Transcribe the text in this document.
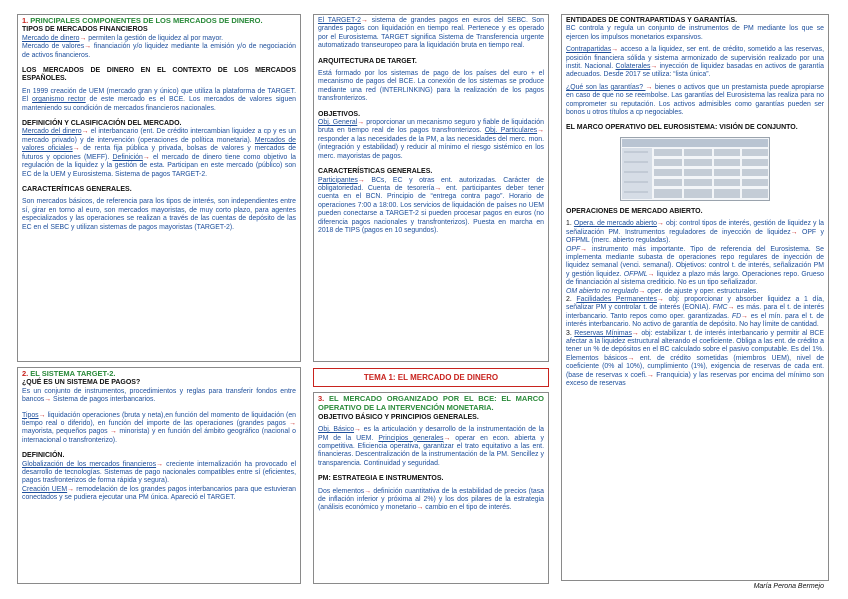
1. PRINCIPALES COMPONENTES DE LOS MERCADOS DE DINERO.

TIPOS DE MERCADOS FINANCIEROS

Mercado de dinero→ permiten la gestión de liquidez al por mayor.

Mercado de valores→ financiación y/o liquidez mediante la emisión y/o de negociación de activos financieros.

LOS MERCADOS DE DINERO EN EL CONTEXTO DE LOS MERCADOS ESPAÑOLES.

En 1999 creación de UEM (mercado gran y único) que utiliza la plataforma de TARGET. El organismo rector de este mercado es el BCE. Los mercados de valores siguen manteniendo su condición de mercados financieros nacionales.

DEFINICIÓN Y CLASIFICACIÓN DEL MERCADO.

Mercado del dinero→ el interbancario (ent. De crédito intercambian liquidez a cp y es un mercado privado) y de intervención (operaciones de política monetaria). Mercados de valores oficiales→ de renta fija pública y privada, bolsas de valores y mercados de futuros y opciones (MEFF). Definición→ el mercado de dinero tiene como objetivo la regulación de la liquidez y la gestión de esta. Participan en este mercado (público) son EC de la UEM y Eurosistema. Sistema de pagos TARGET-2.

CARACTERÍTICAS GENERALES.

Son mercados básicos, de referencia para los tipos de interés, son independientes entre sí, girar en torno al euro, son mercados mayoristas, de muy corto plazo, para agentes especializados y las operaciones se realizan a través de las cuentas de depósito de las EC en el SEBC y utilizan sistemas de pagos mayoristas (TARGET-2).

2. EL SISTEMA TARGET-2.

¿QUÉ ES UN SISTEMA DE PAGOS?

Es un conjunto de instrumentos, procedimientos y reglas para transferir fondos entre bancos→ Sistema de pagos interbancarios.

Tipos→ liquidación operaciones (bruta y neta),en función del momento de liquidación (en tiempo real o diferido), en función del importe de las operaciones (grandes pagos → mayorista, pequeños pagos → minorista) y en función del ámbito geográfico (nacional o internacional o transfronterizo).

DEFINICIÓN.

Globalización de los mercados financieros→ creciente internalización ha provocado el desarrollo de tecnologías. Sistemas de pago nacionales compatibles entre sí (eficientes, pagos trasfronterizos de forma rápida y segura).

Creación UEM→ remodelación de los grandes pagos interbancarios para que estuvieran conectados y se pudiera ejecutar una PM única. Apareció el TARGET.

El TARGET-2→ sistema de grandes pagos en euros del SEBC. Son grandes pagos con liquidación en tiempo real. Pertenece y es operado por el Eurosistema. TARGET significa Sistema de Transferencia urgente automatizado transeuropeo para la liquidación bruta en tiempo real.

ARQUITECTURA DE TARGET.

Está formado por los sistemas de pago de los países del euro + el mecanismo de pagos del BCE. La conexión de los sistemas se produce mediante una red (INTERLINKING) para la realización de los pagos transfronterizos.

OBJETIVOS.

Obj. General→ proporcionar un mecanismo seguro y fiable de liquidación bruta en tiempo real de los pagos transfronterizos. Obj. Particulares→ responder a las necesidades de la PM, a las necesidades del merc. mon. (integración y estabilidad) y reducir al mínimo el riesgo sistémico en los merc. mayoristas de pagos.

CARACTERÍSTICAS GENERALES.

Participantes→ BCs, EC y otras ent. autorizadas. Carácter de obligatoriedad. Cuenta de tesorería→ ent. participantes deber tener cuenta en el BCN. Principio de “entrega contra pago”. Horario de operaciones 7:00 a 18:00. Los servicios de liquidación de países no UEM pueden conectarse a TARGET-2 si pueden procesar pagos en euros (no diferencia pagos nacionales y transfronterizos). Puesta en marcha en 2018 de TIPS (pagos en 10 segundos).

TEMA 1: EL MERCADO DE DINERO

3. EL MERCADO ORGANIZADO POR EL BCE: EL MARCO OPERATIVO DE LA INTERVENCIÓN MONETARIA.

OBJETIVO BÁSICO Y PRINCIPIOS GENERALES.

Obj. Básico→ es la articulación y desarrollo de la instrumentación de la PM de la UEM. Principios generales→ operar en econ. abierta y competitiva. Eficiencia operativa, garantizar el trato equitativo a las ent. financieras. Descentralización de la instrumentación de la PM. Sencillez y transparencia. Continuidad y seguridad.

PM: ESTRATEGIA E INSTRUMENTOS.

Dos elementos→ definición cuantitativa de la estabilidad de precios (tasa de inflación inferior y próxima al 2%) y los dos pilares de la estrategia (análisis económico y monetario→ cambio en el tipo de interés.

ENTIDADES DE CONTRAPARTIDAS Y GARANTÍAS.

BC controla y regula un conjunto de instrumentos de PM mediante los que se ejercen los impulsos monetarios expansivos.

Contrapartidas→ acceso a la liquidez, ser ent. de crédito, sometido a las reservas, posición financiera sólida y sistema armonizado de supervisión realizado por una instit. Nacional. Colaterales→ inyección de liquidez basadas en activos de garantía adecuados. Desde 2017 se utiliza: “lista única”.

¿Qué son las garantías? → bienes o activos que un prestamista puede apropiarse en caso de que no se reembolse. Las garantías del Eurosistema las realiza para no comprometer su reputación. Los activos admisibles como garantías pueden ser bonos u otros títulos a cp negociables.

EL MARCO OPERATIVO DEL EUROSISTEMA: VISIÓN DE CONJUNTO.

OPERACIONES DE MERCADO ABIERTO.

1. Opera. de mercado abierto→ obj: control tipos de interés, gestión de liquidez y la señalización PM. Instrumentos reguladores de inyección de liquidez→ OPF y OFPML (merc. abierto reguladas).

OPF→ instrumento más importante. Tipo de referencia del Eurosistema. Se implementa mediante subasta de operaciones repo regulares de inyección de liquidez semanal (venci. semanal). Objetivos: control t. de interés, señalización PM y gestión liquidez. OFPML→ liquidez a plazo más largo. Operaciones repo. Grueso de financiación al sistema crediticio. No es un tipo señalizador.

OM abierto no regulado→ oper. de ajuste y oper. estructurales.

2. Facilidades Permanentes→ obj: proporcionar y absorber liquidez a 1 día, señalizar PM y controlar t. de interés (EONIA). FMC→ es más. para el t. de interés interbancario. Tanto repos como oper. garantizadas. FD→ es el mín. para el t. de interés interbancario. No activo de garantía de depósito. No hay límite de cantidad.

3. Reservas Mínimas→ obj: estabilizar t. de interés interbancario y permitir al BCE afectar a la liquidez estructural alterando el coeficiente. Obliga a las ent. de crédito a tener un % de depósitos en el BC calculado sobre el pasivo computable. Es del 1%. Elementos básicos→ ent. de crédito sometidas (miembros UEM), nivel de coeficiente (0% al 10%), cumplimiento (1%), exigencia de reservas de cada ent. (base de reservas x coefi.→ Franquicia) y las reservas por encima del mínimo son exceso de reservas

María Perona Bermejo
